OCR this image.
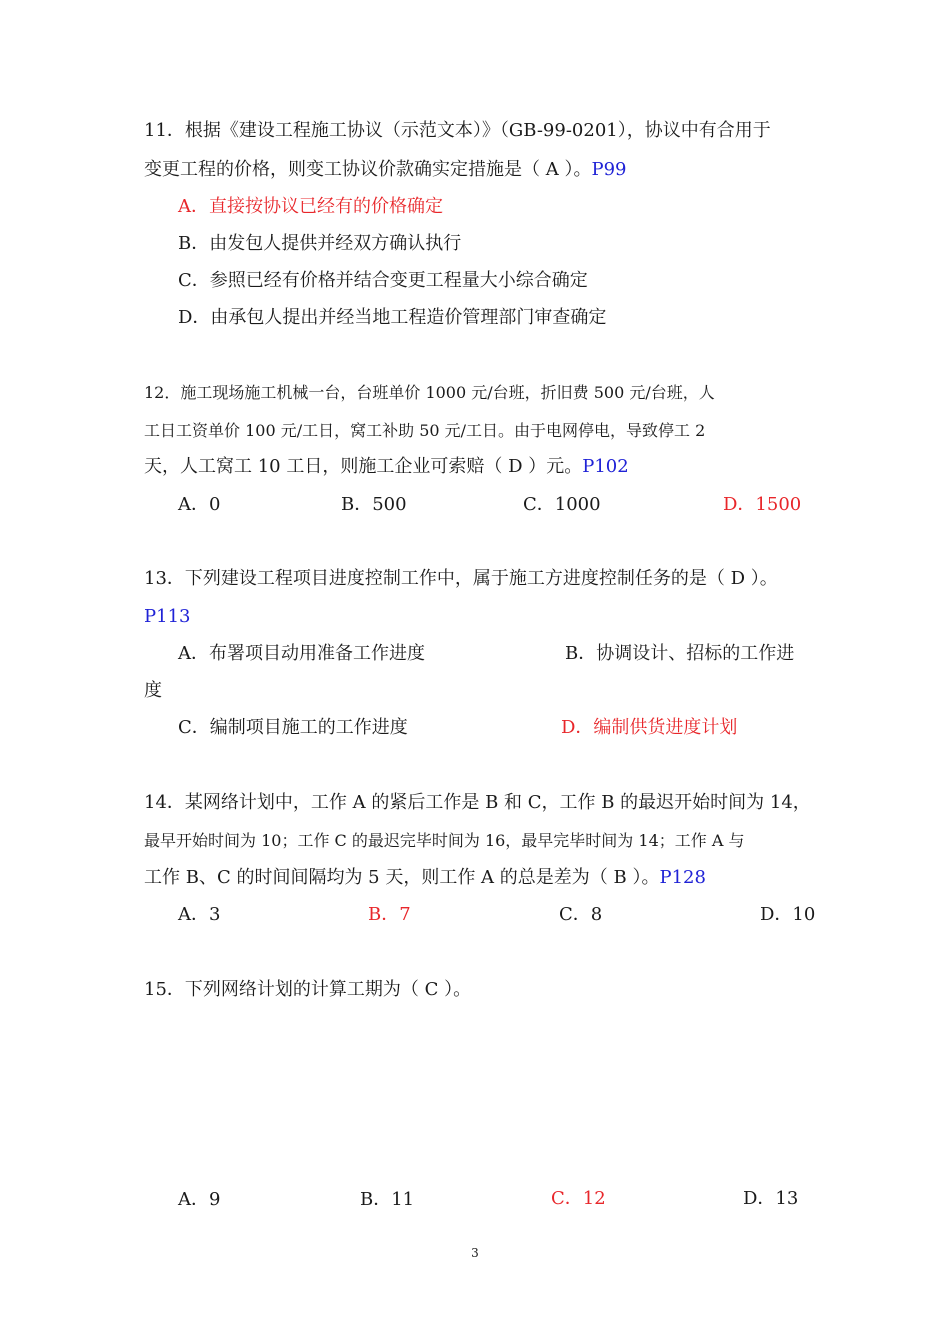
11．根据《建设工程施工协议（示范文本）》（GB-99-0201），协议中有合用于
变更工程的价格，则变工协议价款确实定措施是（ A ）。P99
A．直接按协议已经有的价格确定
B．由发包人提供并经双方确认执行
C．参照已经有价格并结合变更工程量大小综合确定
D．由承包人提出并经当地工程造价管理部门审查确定
12．施工现场施工机械一台，台班单价 1000 元/台班，折旧费 500 元/台班，人
工日工资单价 100 元/工日，窝工补助 50 元/工日。由于电网停电，导致停工 2
天，人工窝工 10 工日，则施工企业可索赔（ D ）元。P102
A．0	B．500	C．1000	D．1500
13．下列建设工程项目进度控制工作中，属于施工方进度控制任务的是（ D ）。
P113
A．布署项目动用准备工作进度	B．协调设计、招标的工作进
度
C．编制项目施工的工作进度	D．编制供货进度计划
14．某网络计划中，工作 A 的紧后工作是 B 和 C，工作 B 的最迟开始时间为 14，
最早开始时间为 10；工作 C 的最迟完毕时间为 16，最早完毕时间为 14；工作 A 与
工作 B、C 的时间间隔均为 5 天，则工作 A 的总是差为（ B ）。P128
A．3	B．7	C．8	D．10
15．下列网络计划的计算工期为（ C ）。
A．9	B．11	C．12	D．13
3
